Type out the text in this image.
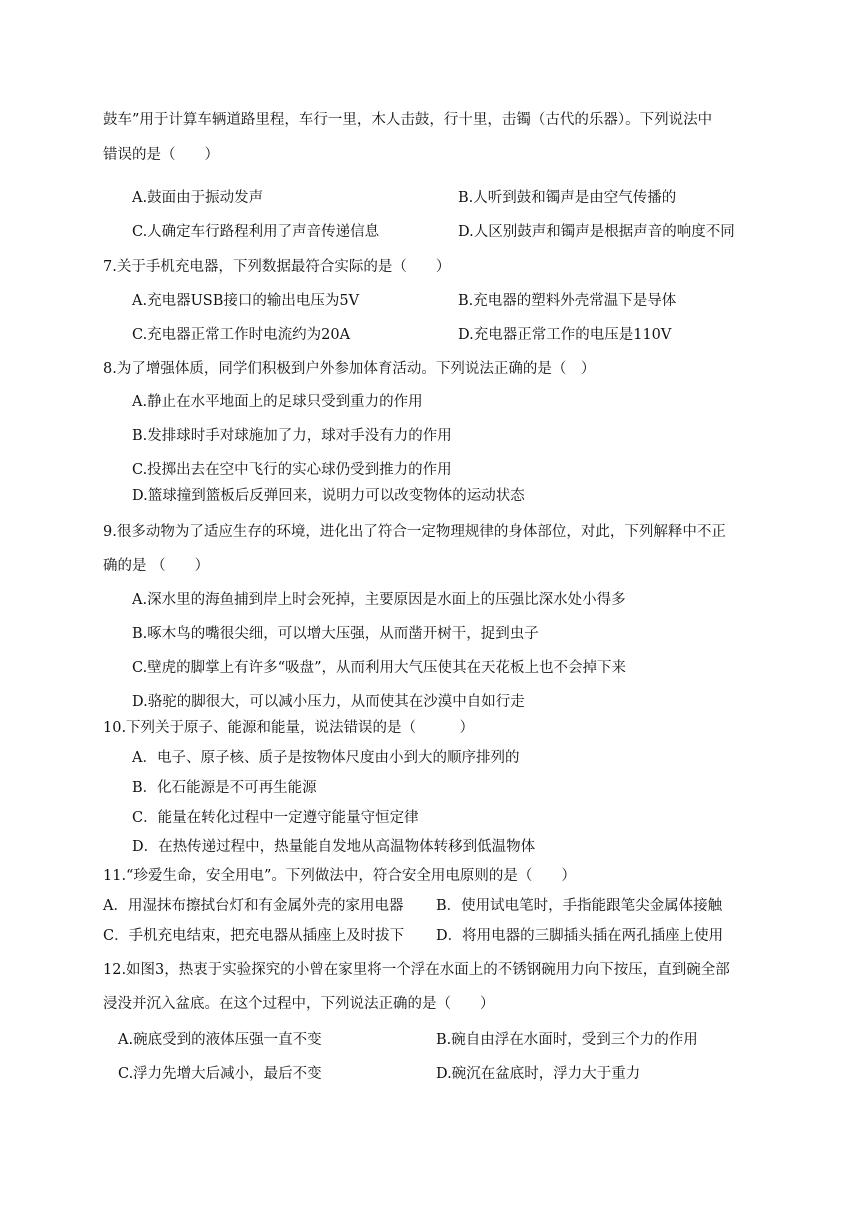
鼓车”用于计算车辆道路里程，车行一里，木人击鼓，行十里，击镯（古代的乐器）。下列说法中
错误的是（　　）
A.鼓面由于振动发声	B.人听到鼓和镯声是由空气传播的
C.人确定车行路程利用了声音传递信息	D.人区别鼓声和镯声是根据声音的响度不同
7.关于手机充电器，下列数据最符合实际的是（　　）
A.充电器USB接口的输出电压为5V	B.充电器的塑料外壳常温下是导体
C.充电器正常工作时电流约为20A	D.充电器正常工作的电压是110V
8.为了增强体质，同学们积极到户外参加体育活动。下列说法正确的是（　）
A.静止在水平地面上的足球只受到重力的作用
B.发排球时手对球施加了力，球对手没有力的作用
C.投掷出去在空中飞行的实心球仍受到推力的作用
D.篮球撞到篮板后反弹回来，说明力可以改变物体的运动状态
9.很多动物为了适应生存的环境，进化出了符合一定物理规律的身体部位，对此，下列解释中不正
确的是 （　　）
A.深水里的海鱼捕到岸上时会死掉，主要原因是水面上的压强比深水处小得多
B.啄木鸟的嘴很尖细，可以增大压强，从而凿开树干，捉到虫子
C.壁虎的脚掌上有许多“吸盘”，从而利用大气压使其在天花板上也不会掉下来
D.骆驼的脚很大，可以减小压力，从而使其在沙漠中自如行走
10.下列关于原子、能源和能量，说法错误的是（　　　）
A．电子、原子核、质子是按物体尺度由小到大的顺序排列的
B．化石能源是不可再生能源
C．能量在转化过程中一定遵守能量守恒定律
D．在热传递过程中，热量能自发地从高温物体转移到低温物体
11.“珍爱生命，安全用电”。下列做法中，符合安全用电原则的是（　　）
A．用湿抹布擦拭台灯和有金属外壳的家用电器 B．使用试电笔时，手指能跟笔尖金属体接触
C．手机充电结束，把充电器从插座上及时拔下 D．将用电器的三脚插头插在两孔插座上使用
12.如图3，热衷于实验探究的小曾在家里将一个浮在水面上的不锈钢碗用力向下按压，直到碗全部
浸没并沉入盆底。在这个过程中，下列说法正确的是（　　）
A.碗底受到的液体压强一直不变	B.碗自由浮在水面时，受到三个力的作用
C.浮力先增大后减小，最后不变	D.碗沉在盆底时，浮力大于重力
